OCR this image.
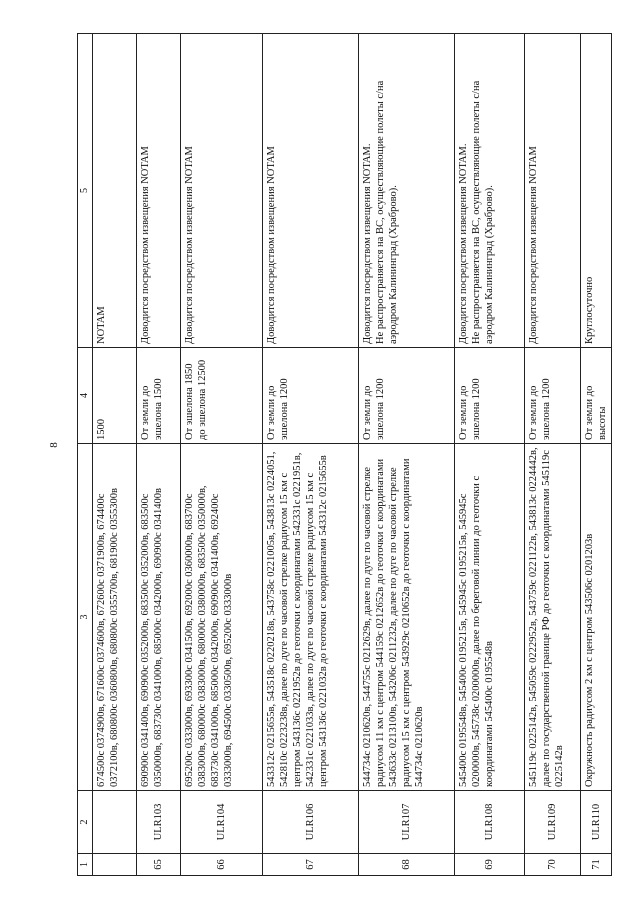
8
1	2	3	4	5
		674500с 0374900в, 671600с 0374600в, 672600с 0371900в, 674400с 0372100в, 680800с 0360800в, 680800с 0355700в, 681900с 0355300в	1500	NOTAM
65	ULR103	690900с 0341400в, 690900с 0352000в, 683500с 0352000в, 683500с 0350000в, 683730с 0341000в, 685000с 0342000в, 690900с 0341400в	От земли до эшелона 1500	Доводится посредством извещения NOTAM
66	ULR104	695200с 0333000в, 693300с 0341500в, 692000с 0360000в, 683700с 0383000в, 680000с 0383000в, 680000с 0380000в, 683500с 0350000в, 683730с 0341000в, 685000с 0342000в, 690900с 0341400в, 692400с 0333000в, 694500с 0330500в, 695200с 0333000в	От эшелона 1850 до эшелона 12500	Доводится посредством извещения NOTAM
67	ULR106	543312с 0215655в, 543518с 0220218в, 543758с 0221005в, 543813с 0224051, 542810с 0223238в, далее по дуге по часовой стрелке радиусом 15 км с центром 543136с 0221952в до геоточки с координатами 542331с 0221951в, 542331с 0221033в, далее по дуге по часовой стрелке радиусом 15 км с центром 543136с 0221032в до геоточки с координатами 543312с 0215655в	От земли до эшелона 1200	Доводится посредством извещения NOTAM
68	ULR107	544734с 0210620в, 544755с 0212629в, далее по дуге по часовой стрелке радиусом 11 км с центром 544159с 0212652в до геоточки с координатами 543633с 0213100в, 543206с 0211232в, далее по дуге по часовой стрелке радиусом 15 км с центром 543929с 0210652в до геоточки с координатами 544734с 0210620в	От земли до эшелона 1200	Доводится посредством извещения NOTAM.
Не распространяется на ВС, осуществляющие полеты с/на аэродром Калининград (Храброво).
69	ULR108	545400с 0195548в, 545400с 0195215в, 545945с 0195215в, 545945с 0200000в, 545738с 0200000в, далее по береговой линии до геоточки с координатами 545400с 0195548в	От земли до эшелона 1200	Доводится посредством извещения NOTAM.
Не распространяется на ВС, осуществляющие полеты с/на аэродром Калининград (Храброво).
70	ULR109	545119с 0225142в, 545059с 0222952в, 543759с 0221122в, 543813с 0224442в, далее по государственной границе РФ до геоточки с координатами 545119с 0225142в	От земли до эшелона 1200	Доводится посредством извещения NOTAM
71	ULR110	Окружность радиусом 2 км с центром 543506с 0201203в	От земли до высоты	Круглосуточно
